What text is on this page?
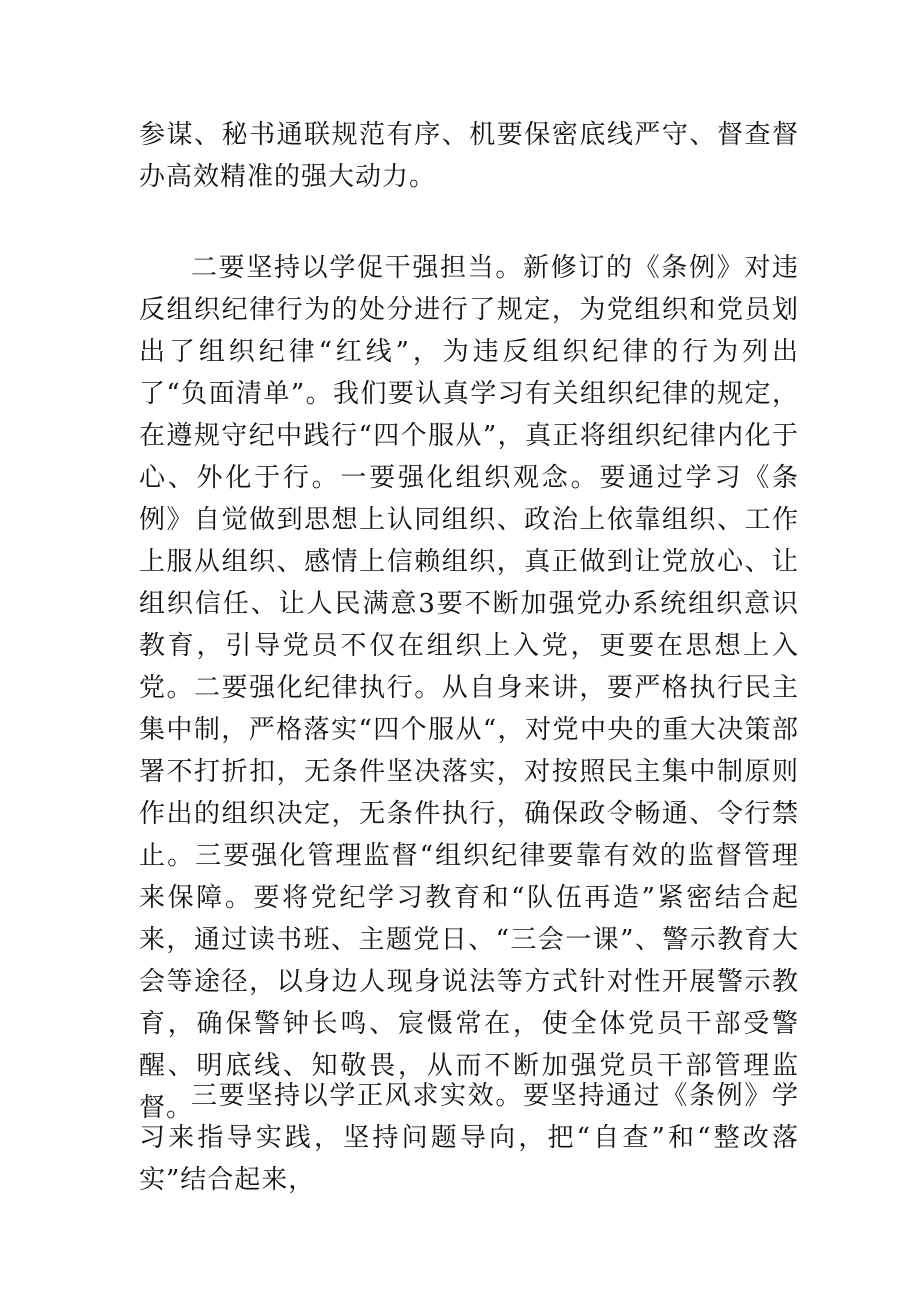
参谋、秘书通联规范有序、机要保密底线严守、督查督办高效精准的强大动力。

二要坚持以学促干强担当。新修订的《条例》对违反组织纪律行为的处分进行了规定，为党组织和党员划出了组织纪律“红线”，为违反组织纪律的行为列出了“负面清单”。我们要认真学习有关组织纪律的规定，在遵规守纪中践行“四个服从”，真正将组织纪律内化于心、外化于行。一要强化组织观念。要通过学习《条例》自觉做到思想上认同组织、政治上依靠组织、工作上服从组织、感情上信赖组织，真正做到让党放心、让组织信任、让人民满意3要不断加强党办系统组织意识教育，引导党员不仅在组织上入党，更要在思想上入党。二要强化纪律执行。从自身来讲，要严格执行民主集中制，严格落实“四个服从“，对党中央的重大决策部署不打折扣，无条件坚决落实，对按照民主集中制原则作出的组织决定，无条件执行，确保政令畅通、令行禁止。三要强化管理监督“组织纪律要靠有效的监督管理来保障。要将党纪学习教育和“队伍再造”紧密结合起来，通过读书班、主题党日、“三会一课”、警示教育大会等途径，以身边人现身说法等方式针对性开展警示教育，确保警钟长鸣、宸慑常在，使全体党员干部受警醒、明底线、知敬畏，从而不断加强党员干部管理监督。

三要坚持以学正风求实效。要坚持通过《条例》学习来指导实践，坚持问题导向，把“自查”和“整改落实”结合起来，
